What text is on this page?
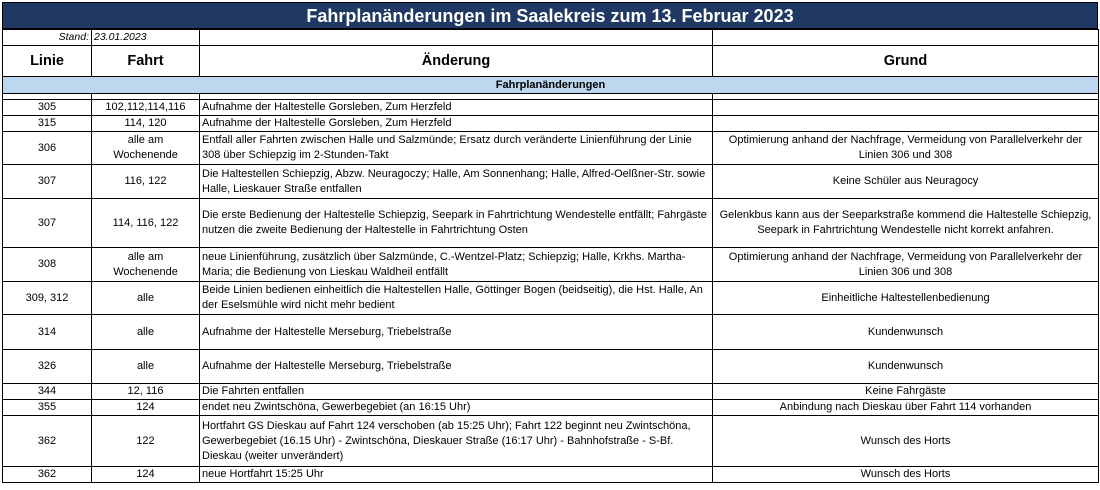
Fahrplanänderungen im Saalekreis zum 13. Februar 2023
Stand:	23.01.2023		
Linie	Fahrt	Änderung	Grund
Fahrplanänderungen			

305	102,112,114,116	Aufnahme der Haltestelle Gorsleben, Zum Herzfeld	
315	114, 120	Aufnahme der Haltestelle Gorsleben, Zum Herzfeld	
306	alle am Wochenende	Entfall aller Fahrten zwischen Halle und Salzmünde; Ersatz durch veränderte Linienführung der Linie 308 über Schiepzig im 2-Stunden-Takt	Optimierung anhand der Nachfrage, Vermeidung von Parallelverkehr der Linien 306 und 308
307	116, 122	Die Haltestellen Schiepzig, Abzw. Neuragoczy; Halle, Am Sonnenhang; Halle, Alfred-Oelßner-Str. sowie Halle, Lieskauer Straße entfallen	Keine Schüler aus Neuragocy
307	114, 116, 122	Die erste Bedienung der Haltestelle Schiepzig, Seepark in Fahrtrichtung Wendestelle entfällt; Fahrgäste nutzen die zweite Bedienung der Haltestelle in Fahrtrichtung Osten	Gelenkbus kann aus der Seeparkstraße kommend die Haltestelle Schiepzig, Seepark in Fahrtrichtung Wendestelle nicht korrekt anfahren.
308	alle am Wochenende	neue Linienführung, zusätzlich über Salzmünde, C.-Wentzel-Platz; Schiepzig; Halle, Krkhs. Martha-Maria; die Bedienung von Lieskau Waldheil entfällt	Optimierung anhand der Nachfrage, Vermeidung von Parallelverkehr der Linien 306 und 308
309, 312	alle	Beide Linien bedienen einheitlich die Haltestellen Halle, Göttinger Bogen (beidseitig), die Hst. Halle, An der Eselsmühle wird nicht mehr bedient	Einheitliche Haltestellenbedienung
314	alle	Aufnahme der Haltestelle Merseburg, Triebelstraße	Kundenwunsch
326	alle	Aufnahme der Haltestelle Merseburg, Triebelstraße	Kundenwunsch
344	12, 116	Die Fahrten entfallen	Keine Fahrgäste
355	124	endet neu Zwintschöna, Gewerbegebiet (an 16:15 Uhr)	Anbindung nach Dieskau über Fahrt 114 vorhanden
362	122	Hortfahrt GS Dieskau auf Fahrt 124 verschoben (ab 15:25 Uhr); Fahrt 122 beginnt neu Zwintschöna, Gewerbegebiet (16.15 Uhr) - Zwintschöna, Dieskauer Straße (16:17 Uhr) - Bahnhofstraße - S-Bf. Dieskau (weiter unverändert)	Wunsch des Horts
362	124	neue Hortfahrt 15:25 Uhr	Wunsch des Horts
